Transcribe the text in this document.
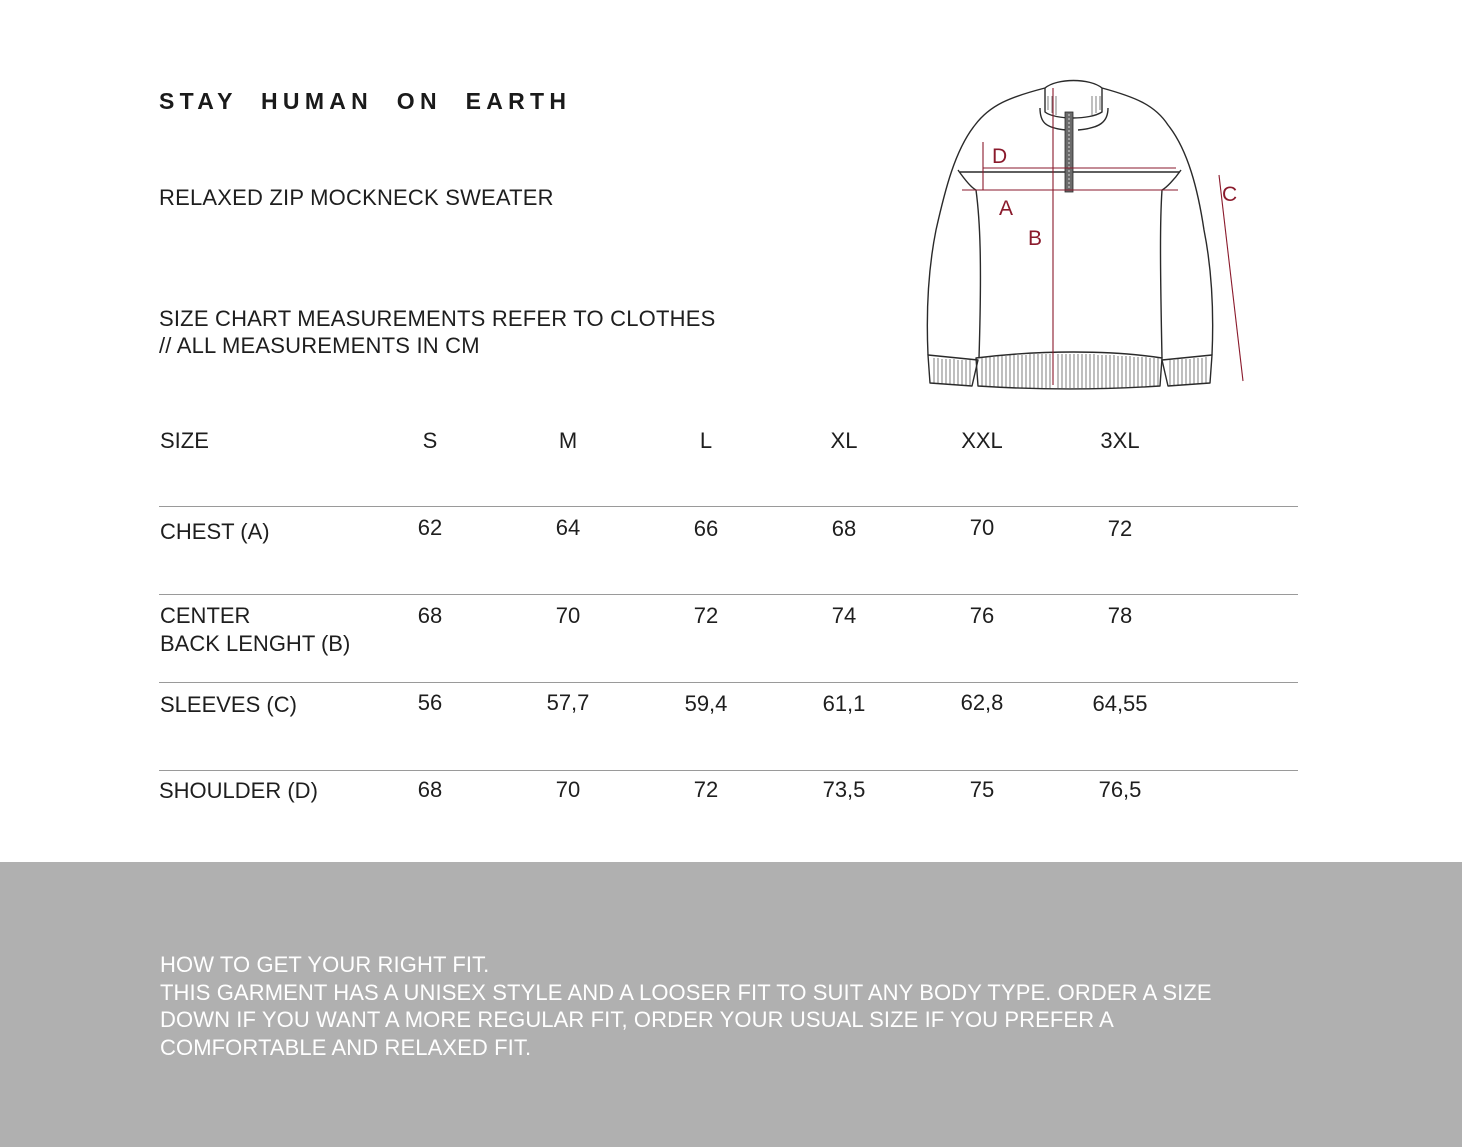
STAY HUMAN ON EARTH
RELAXED ZIP MOCKNECK SWEATER
SIZE CHART MEASUREMENTS REFER TO CLOTHES
// ALL MEASUREMENTS IN CM
D
A
B
C
SIZE	S	M	L	XL	XXL	3XL
CHEST (A)	62	64	66	68	70	72
CENTER
BACK LENGHT (B)
68	70	72	74	76	78
SLEEVES (C)	56	57,7	59,4	61,1	62,8	64,55
SHOULDER (D)	68	70	72	73,5	75	76,5
HOW TO GET YOUR RIGHT FIT.
THIS GARMENT HAS A UNISEX STYLE AND A LOOSER FIT TO SUIT ANY BODY TYPE. ORDER A SIZE
DOWN IF YOU WANT A MORE REGULAR FIT, ORDER YOUR USUAL SIZE IF YOU PREFER A
COMFORTABLE AND RELAXED FIT.
